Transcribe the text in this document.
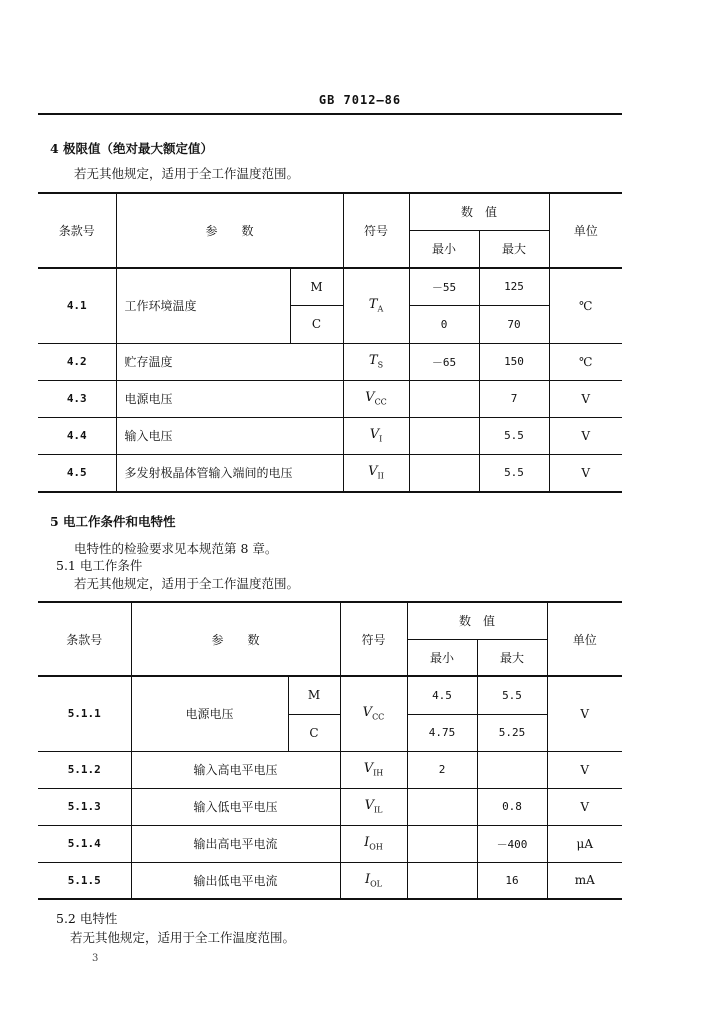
GB 7012—86
4 极限值（绝对最大额定值）
若无其他规定，适用于全工作温度范围。
条款号	参　　数		符号	数　值		单位
				最小	最大	
4.1	工作环境温度	M	$T_A$	－55	125	℃
		C		0	70	
4.2	贮存温度		$T_S$	－65	150	℃
4.3	电源电压		$V_{CC}$		7	V
4.4	输入电压		$V_I$		5.5	V
4.5	多发射极晶体管输入端间的电压		$V_{II}$		5.5	V
5 电工作条件和电特性
电特性的检验要求见本规范第 8 章。
5.1 电工作条件
若无其他规定，适用于全工作温度范围。
条款号	参　　数		符号	数　值		单位
				最小	最大	
5.1.1	电源电压	M	$V_{CC}$	4.5	5.5	V
		C		4.75	5.25	
5.1.2	输入高电平电压		$V_{IH}$	2		V
5.1.3	输入低电平电压		$V_{IL}$		0.8	V
5.1.4	输出高电平电流		$I_{OH}$		－400	μA
5.1.5	输出低电平电流		$I_{OL}$		16	mA
5.2 电特性
若无其他规定，适用于全工作温度范围。
3
